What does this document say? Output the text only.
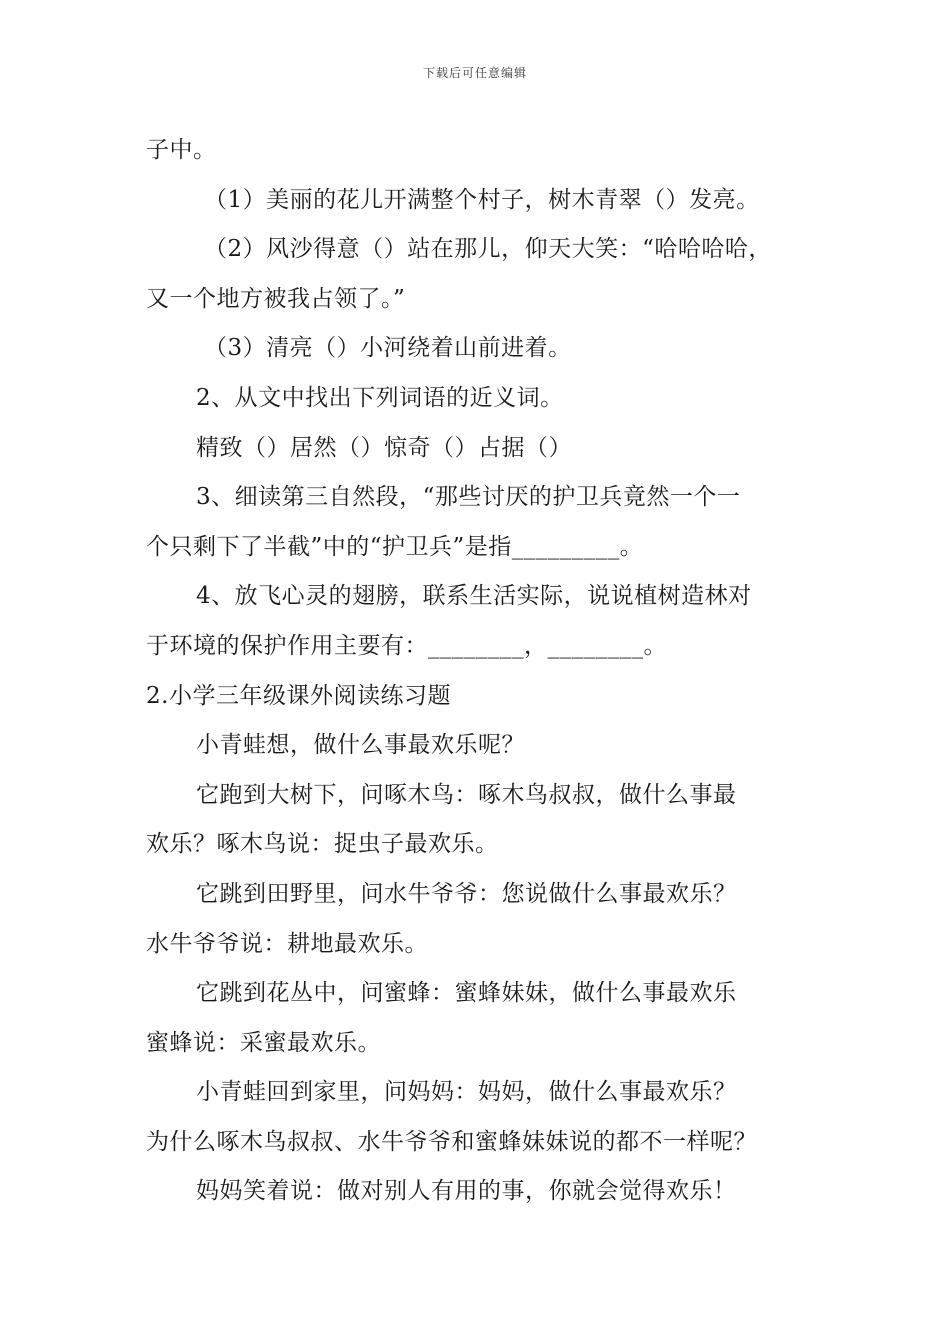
下载后可任意编辑
子中。
（1）美丽的花儿开满整个村子，树木青翠（）发亮。
（2）风沙得意（）站在那儿，仰天大笑：“哈哈哈哈，
又一个地方被我占领了。”
（3）清亮（）小河绕着山前进着。
2、从文中找出下列词语的近义词。
精致（）居然（）惊奇（）占据（）
3、细读第三自然段，“那些讨厌的护卫兵竟然一个一
个只剩下了半截”中的“护卫兵”是指_________。
4、放飞心灵的翅膀，联系生活实际，说说植树造林对
于环境的保护作用主要有：________，________。
2.小学三年级课外阅读练习题
小青蛙想，做什么事最欢乐呢？
它跑到大树下，问啄木鸟：啄木鸟叔叔，做什么事最
欢乐？啄木鸟说：捉虫子最欢乐。
它跳到田野里，问水牛爷爷：您说做什么事最欢乐？
水牛爷爷说：耕地最欢乐。
它跳到花丛中，问蜜蜂：蜜蜂妹妹，做什么事最欢乐
蜜蜂说：采蜜最欢乐。
小青蛙回到家里，问妈妈：妈妈，做什么事最欢乐？
为什么啄木鸟叔叔、水牛爷爷和蜜蜂妹妹说的都不一样呢？
妈妈笑着说：做对别人有用的事，你就会觉得欢乐！
